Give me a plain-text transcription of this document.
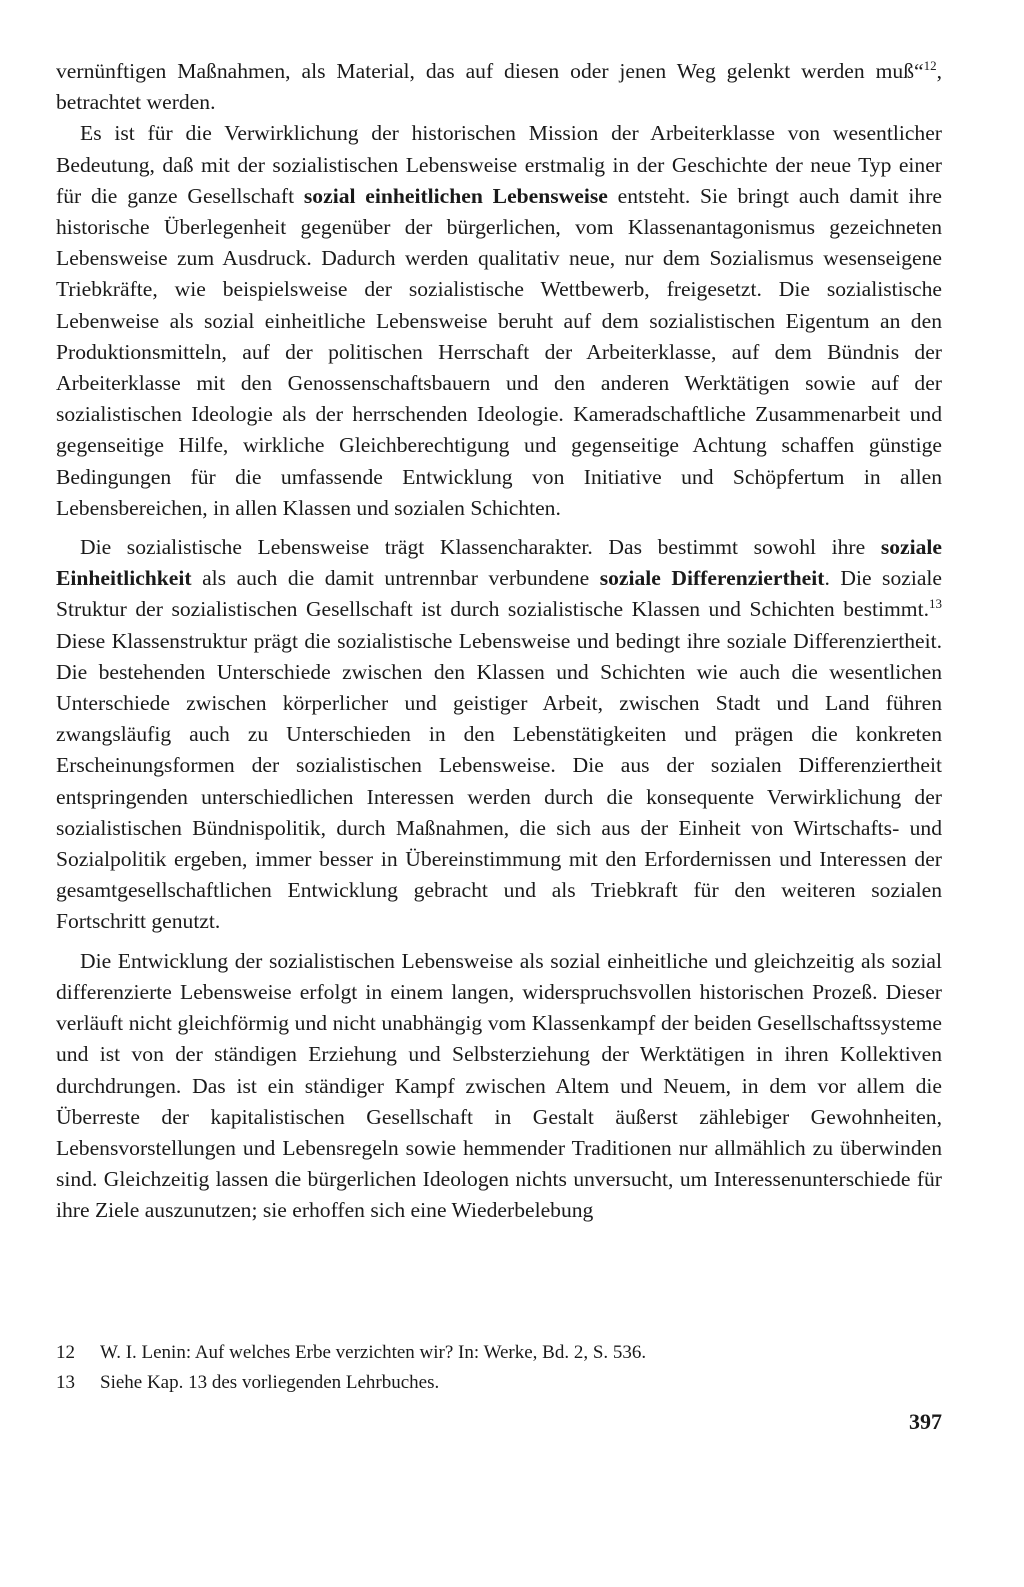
vernünftigen Maßnahmen, als Material, das auf diesen oder jenen Weg gelenkt werden muß“$^{12}$, betrachtet werden.

Es ist für die Verwirklichung der historischen Mission der Arbeiterklasse von wesentlicher Bedeutung, daß mit der sozialistischen Lebensweise erstmalig in der Geschichte der neue Typ einer für die ganze Gesellschaft sozial einheitlichen Lebensweise entsteht. Sie bringt auch damit ihre historische Überlegenheit gegenüber der bürgerlichen, vom Klassenantagonismus gezeichneten Lebensweise zum Ausdruck. Dadurch werden qualitativ neue, nur dem Sozialismus wesenseigene Triebkräfte, wie beispielsweise der sozialistische Wettbewerb, freigesetzt. Die sozialistische Lebenweise als sozial einheitliche Lebensweise beruht auf dem sozialistischen Eigentum an den Produktionsmitteln, auf der politischen Herrschaft der Arbeiterklasse, auf dem Bündnis der Arbeiterklasse mit den Genossenschaftsbauern und den anderen Werktätigen sowie auf der sozialistischen Ideologie als der herrschenden Ideologie. Kameradschaftliche Zusammenarbeit und gegenseitige Hilfe, wirkliche Gleichberechtigung und gegenseitige Achtung schaffen günstige Bedingungen für die umfassende Entwicklung von Initiative und Schöpfertum in allen Lebensbereichen, in allen Klassen und sozialen Schichten.

Die sozialistische Lebensweise trägt Klassencharakter. Das bestimmt sowohl ihre soziale Einheitlichkeit als auch die damit untrennbar verbundene soziale Differenziertheit. Die soziale Struktur der sozialistischen Gesellschaft ist durch sozialistische Klassen und Schichten bestimmt.$^{13}$ Diese Klassenstruktur prägt die sozialistische Lebensweise und bedingt ihre soziale Differenziertheit. Die bestehenden Unterschiede zwischen den Klassen und Schichten wie auch die wesentlichen Unterschiede zwischen körperlicher und geistiger Arbeit, zwischen Stadt und Land führen zwangsläufig auch zu Unterschieden in den Lebenstätigkeiten und prägen die konkreten Erscheinungsformen der sozialistischen Lebensweise. Die aus der sozialen Differenziertheit entspringenden unterschiedlichen Interessen werden durch die konsequente Verwirklichung der sozialistischen Bündnispolitik, durch Maßnahmen, die sich aus der Einheit von Wirtschafts- und Sozialpolitik ergeben, immer besser in Übereinstimmung mit den Erfordernissen und Interessen der gesamtgesellschaftlichen Entwicklung gebracht und als Triebkraft für den weiteren sozialen Fortschritt genutzt.

Die Entwicklung der sozialistischen Lebensweise als sozial einheitliche und gleichzeitig als sozial differenzierte Lebensweise erfolgt in einem langen, widerspruchsvollen historischen Prozeß. Dieser verläuft nicht gleichförmig und nicht unabhängig vom Klassenkampf der beiden Gesellschaftssysteme und ist von der ständigen Erziehung und Selbsterziehung der Werktätigen in ihren Kollektiven durchdrungen. Das ist ein ständiger Kampf zwischen Altem und Neuem, in dem vor allem die Überreste der kapitalistischen Gesellschaft in Gestalt äußerst zählebiger Gewohnheiten, Lebensvorstellungen und Lebensregeln sowie hemmender Traditionen nur allmählich zu überwinden sind. Gleichzeitig lassen die bürgerlichen Ideologen nichts unversucht, um Interessenunterschiede für ihre Ziele auszunutzen; sie erhoffen sich eine Wiederbelebung

12	W. I. Lenin: Auf welches Erbe verzichten wir? In: Werke, Bd. 2, S. 536.
13	Siehe Kap. 13 des vorliegenden Lehrbuches.
397
